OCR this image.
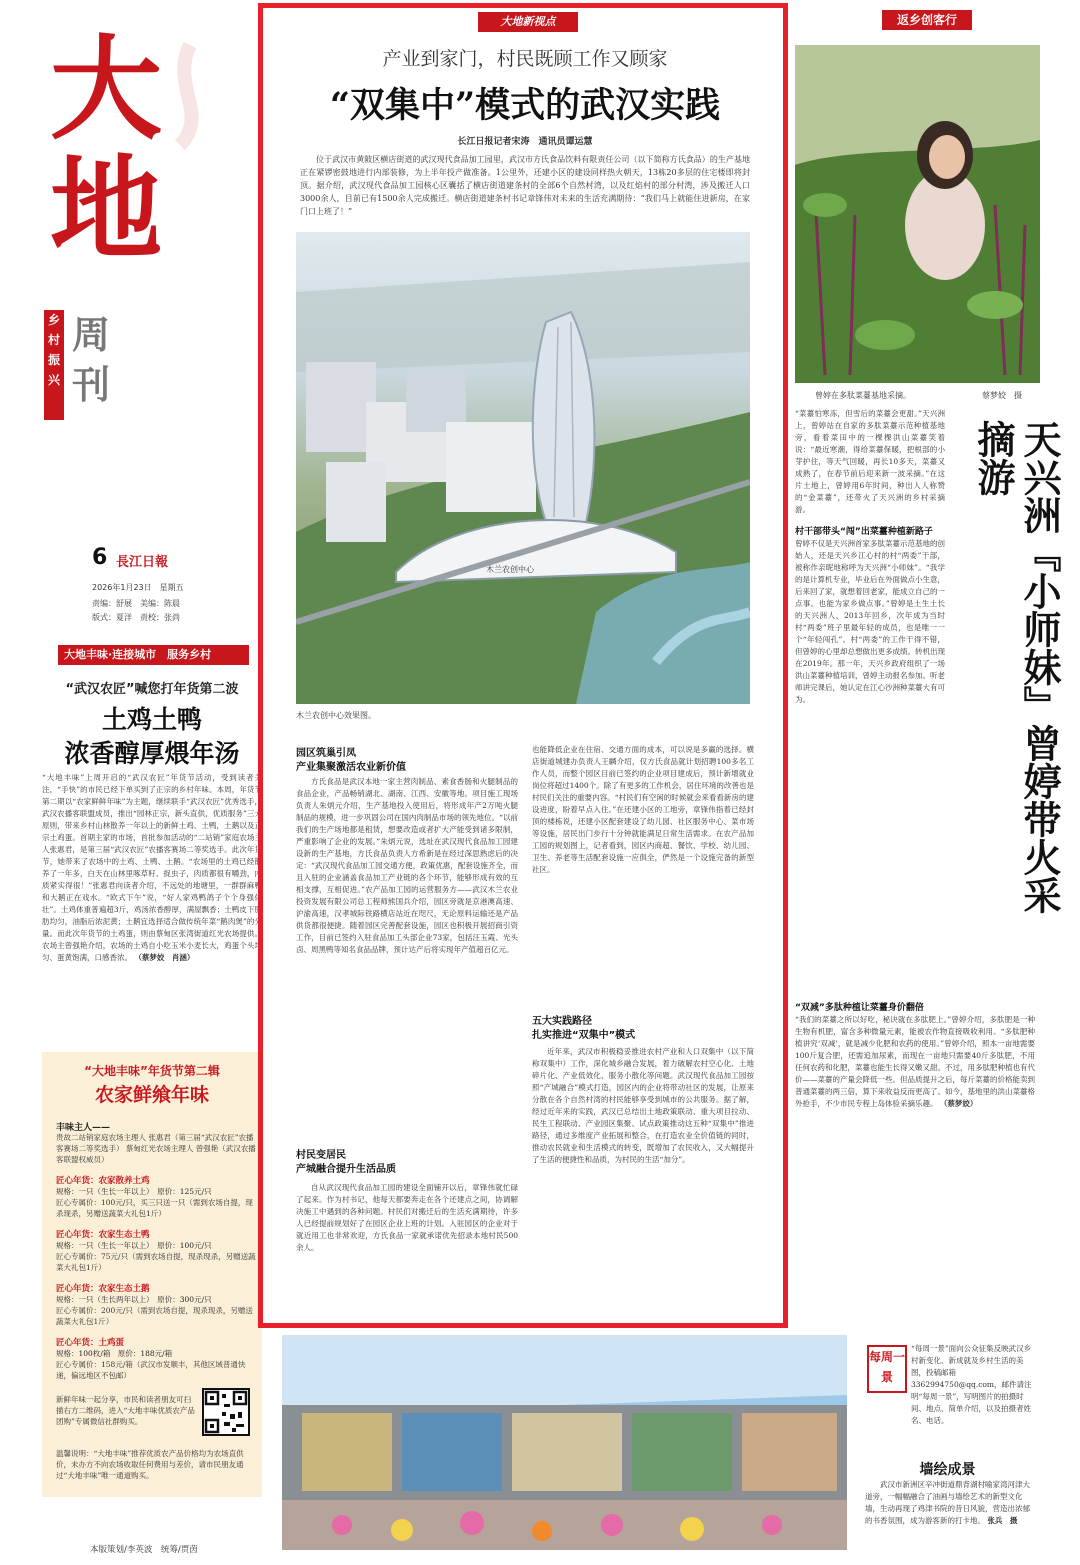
大地
乡村振兴
周刊
6 長江日報
2026年1月23日　星期五
责编：舒展　美编：陈晨
版式：夏洋　责校：张尚
大地丰味·连接城市　服务乡村
“武汉农匠”喊您打年货第二波
土鸡土鸭
浓香醇厚煨年汤
“大地丰味”上周开启的“武汉农匠”年货节活动，受到读者关注，“手快”的市民已经下单买到了正宗的乡村年味。本周，年货节第二期以“农家鲜鲜年味”为主题，继续联手“武汉农匠”优秀选手，武汉农播客联盟成员，推出“园林正宗，新头直供，优质服务”三大原则，带来乡村山林散养一年以上的新鲜土鸡、土鸭，土鹅以及正宗土鸡蛋。首期主家的市场，首批参加活动的“二站销”家庭农场主人张惠君，是第三届“武汉农匠”农播客赛场二等奖选手。此次年货节，她带来了农场中的土鸡、土鸭、土鹅。“农场里的土鸡已经散养了一年多，白天在山林里啄草籽、捉虫子，肉质都很有嚼劲，内质紧实得很！”张惠君向读者介绍，不远处的地塘里，一群群麻鸭和大鹅正在戏水。“欧式下午”说，“好人家鸡鸭鸽子个个身强体壮”。土鸡体重普遍超3斤，鸡汤浓香醇厚，满屋飘香；土鸭皮下脂肪均匀，油脂后浓泥黄；土鹅宜选择适合做传统年菜“鹅肉煲”的分量。而此次年货节的土鸡蛋，则由蔡甸区张湾街道红光农场提供。农场主曾强艳介绍，农场的土鸡自小吃玉米小麦长大，鸡蛋个头均匀、蛋黄饱满，口感香浓。 （蔡梦姣　肖涵）
“大地丰味”年货节第二辑
农家鲜飨年味
丰味主人——
贵故二站销家庭农场主理人 张惠君（第三届“武汉农匠”农播客赛场二等奖选手） 蔡甸红光农场主理人 曾强艳（武汉农播客联盟权威员）
匠心年货：农家散养土鸡
规格：一只（生长一年以上）　原价：125元/只
匠心专属价：100元/只，买三只送一只（需到农场自提，现杀现杀，另赠送蔬菜大礼包1斤）
匠心年货：农家生态土鸭
规格：一只（生长一年以上）　原价：100元/只
匠心专属价：75元/只（需到农场自提，现杀现杀，另赠送蔬菜大礼包1斤）
匠心年货：农家生态土鹅
规格：一只（生长两年以上）　原价：300元/只
匠心专属价：200元/只（需到农场自提，现杀现杀，另赠送蔬菜大礼包1斤）
匠心年货：土鸡蛋
规格：100枚/箱　原价：188元/箱
匠心专属价：158元/箱（武汉市发顺丰，其他区域普通快递，偏远地区不包邮）
新鲜年味一起分享，市民和读者朋友可扫描右方二维码，进入“大地丰味优质农产品团购”专属微信社群购买。
温馨说明：“大地丰味”推荐优质农产品价格均为农场直供价，未办方不向农场收取任何费用与差价，请市民朋友通过“大地丰味”唯一通道购买。
本版策划/李英波　统筹/贾茵
大地新视点
产业到家门，村民既顾工作又顾家
“双集中”模式的武汉实践
长江日报记者宋涛　通讯员谭运慧
位于武汉市黄陂区横店街道的武汉现代食品加工园里，武汉市方氏食品饮料有限责任公司（以下简称方氏食品）的生产基地正在紧锣密鼓地进行内部装修，为上半年投产做准备。1公里外，还建小区的建设同样热火朝天，13栋20多层的住宅楼即将封顶。据介绍，武汉现代食品加工园核心区囊括了横店街道建条村的全部6个自然村湾，以及红焰村的部分村湾，涉及搬迁人口3000余人，目前已有1500余人完成搬迁。横店街道建条村书记章锋伟对未来的生活充满期待：“我们马上就能住进新房，在家门口上班了！”
木兰农创中心
木兰农创中心效果图。
园区筑巢引凤
产业集聚激活农业新价值
方氏食品是武汉本地一家主营肉制品、素食香肠和火腿制品的食品企业，产品畅销湖北、湖南、江西、安徽等地。项目施工现场负责人朱炳元介绍，生产基地投入使用后，将形成年产2万吨火腿制品的规模，进一步巩固公司在国内肉制品市场的领先地位。“以前我们的生产场地都是租赁，想要改造或者扩大产能受到诸多限制，严重影响了企业的发展。”朱炳元说，选址在武汉现代食品加工园建设新的生产基地，方氏食品负责人方希新是在经过深思熟虑后的决定：“武汉现代食品加工园交通方便，政策优惠，配套设施齐全，而且入驻的企业涵盖食品加工产业链的各个环节，能够形成有效的互相支撑，互相促进。”农产品加工园的运营服务方——武汉木兰农业投资发展有限公司总工程师熊国兵介绍，园区旁就是京港澳高速、沪渝高速，汉孝城际铁路横店站近在咫尺，无论原料运输还是产品供货都很便捷。随着园区完善配套设施，园区也积极开展招商引资工作，目前已签约入驻食品加工头部企业73家，包括汪玉霞、光头卤、周黑鸭等知名食品品牌，预计达产后将实现年产值超百亿元。
村民变居民
产城融合提升生活品质
自从武汉现代食品加工园的建设全面铺开以后，章锋伟就忙碌了起来。作为村书记，他每天都要奔走在各个还建点之间，协调解决施工中遇到的各种问题。村民们对搬迁后的生活充满期待，许多人已经提前规划好了在园区企业上班的计划。入驻园区的企业对于就近用工也非常欢迎，方氏食品一家就承诺优先招录本地村民500余人。
也能降低企业在住宿、交通方面的成本，可以说是多赢的选择。横店街道城建办负责人王麟介绍，仅方氏食品就计划招聘100多名工作人员，而整个园区目前已签约的企业项目建成后，预计新增就业岗位将超过1400个。除了有更多的工作机会，居住环境的改善也是村民们关注的重要内容。“村民们有空闲的时候就会来看看新房的建设进度，盼着早点入住。”在还建小区的工地旁，章锋伟指着已经封顶的楼栋说，还建小区配套建设了幼儿园、社区服务中心、菜市场等设施，居民出门步行十分钟就能满足日常生活需求。在农产品加工园的规划图上，记者看到，园区内商超、餐饮、学校、幼儿园、卫生、养老等生活配套设施一应俱全，俨然是一个设施完备的新型社区。
五大实践路径
扎实推进“双集中”模式
近年来，武汉市积极稳妥推进农村产业和人口双集中（以下简称双集中）工作，深化城乡融合发展，着力破解农村空心化、土地碎片化、产业低效化、服务小散化等问题。武汉现代食品加工园按照“产城融合”模式打造，园区内的企业将带动社区的发展，让原来分散在各个自然村湾的村民能够享受到城市的公共服务。据了解，经过近年来的实践，武汉已总结出土地政策联动、重大项目拉动、民生工程联动、产业园区集聚、试点政策推动这五种“双集中”推进路径，通过多维度产业拓展和整合，在打造农业全价值链的同时，推动农民就业和生活模式的转变，既增加了农民收入，又大幅提升了生活的便捷性和品质，为村民的生活“加分”。
返乡创客行
曾婷在多肽菜薹基地采摘。	蔡梦姣　摄
“菜薹怕寒冻，但雪后的菜薹会更甜。”天兴洲上，曾婷站在自家的多肽菜薹示范种植基地旁，看着菜田中的一棵棵洪山菜薹笑着说：“最近寒潮，得给菜薹保暖，把根部的小芽护住，等天气回暖，再长10多天，菜薹又成熟了，在春节前后迎来新一波采摘。”在这片土地上，曾婷用6年时间，种出人人称赞的“金菜薹”，还带火了天兴洲的乡村采摘游。	天兴洲『小师妹』曾婷带火采摘游
村干部带头“闯”出菜薹种植新路子
曾婷不仅是天兴洲首家多肽菜薹示范基地的创始人，还是天兴乡江心村的村“两委”干部，被称作亲昵地称呼为天兴洲“小师妹”。“我学的是计算机专业，毕业后在外面做点小生意，后来回了家，就想着回老家，能成立自己的一点事。也能为家乡做点事。”曾婷是土生土长的天兴洲人，2013年回乡，次年成为当时村“两委”班子里最年轻的成员，也是唯一一个“年轻闯孔”。村“两委”的工作干得不错，但曾婷的心里却总想做出更多成绩。转机出现在2019年。那一年，天兴乡政府组织了一场洪山菜薹种植培训，曾婷主动报名参加。听老师讲完课后，她认定在江心沙洲种菜薹大有可为。
“双减”多肽种植让菜薹身价翻倍
“我们的菜薹之所以好吃，秘诀就在多肽肥上。”曾婷介绍，多肽肥是一种生物有机肥，富含多种微量元素，能被农作物直接吸收利用。“多肽肥种植讲究‘双减’，就是减少化肥和农药的使用。”曾婷介绍，照本一亩地需要100斤复合肥，还需追加尿素，而现在一亩地只需要40斤多肽肥，不用任何农药和化肥，菜薹也能生长得又嫩又甜。不过，用多肽肥种植也有代价——菜薹的产量会降低一些。但品质提升之后，每斤菜薹的价格能卖到普通菜薹的两三倍，算下来收益反而更高了。如今，基地里的洪山菜薹格外抢手，不少市民专程上岛体验采摘乐趣。 （蔡梦姣）
每周一景
“每周一景”面向公众征集反映武汉乡村新变化、新成就及乡村生活的美图，投稿邮箱3362994750@qq.com，邮件请注明“每周一景”，写明图片的拍摄时间、地点、简单介绍，以及拍摄者姓名、电话。
墙绘成景
武汉市新洲区辛冲街道鼎背湖村喻家湾河津大道旁，一幅幅融合了油画与墙绘艺术的新型文化墙，生动再现了鸡津书院的昔日风貌，营造出浓郁的书香氛围，成为游客新的打卡地。 张兵　摄
